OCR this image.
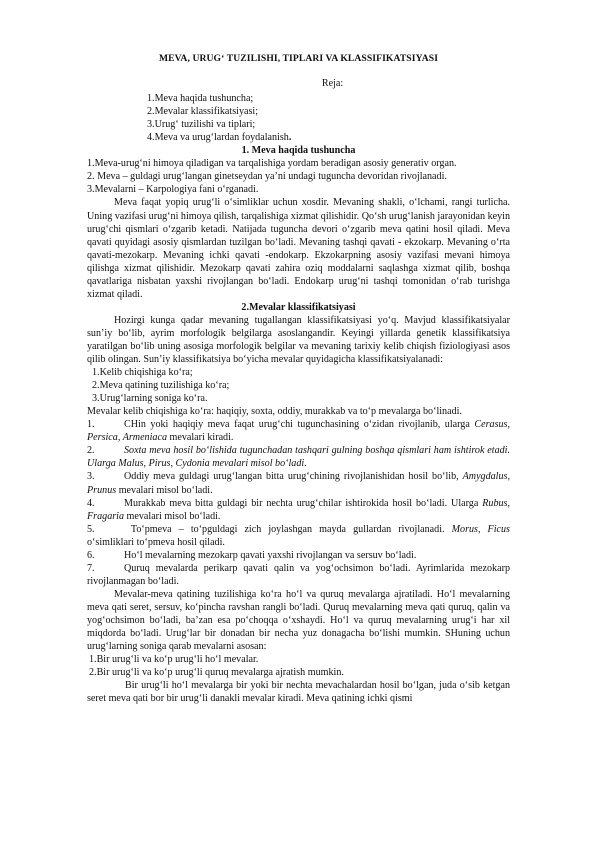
MEVA, URUG‘ TUZILISHI, TIPLARI VA KLASSIFIKATSIYASI
Reja:
1.Meva haqida tushuncha;
2.Mevalar klassifikatsiyasi;
3.Urug‘ tuzilishi va tiplari;
4.Meva va urug‘lardan foydalanish.
1. Meva haqida tushuncha
1.Meva-urug‘ni himoya qiladigan va tarqalishiga yordam beradigan asosiy generativ organ.
2. Meva – guldagi urug‘langan ginetseydan ya’ni undagi tuguncha devoridan rivojlanadi.
3.Mevalarni – Karpologiya fani o‘rganadi.
Meva faqat yopiq urug‘li o‘simliklar uchun xosdir. Mevaning shakli, o‘lchami, rangi turlicha. Uning vazifasi urug‘ni himoya qilish, tarqalishiga xizmat qilishidir. Qo‘sh urug‘lanish jarayonidan keyin urug‘chi qismlari o‘zgarib ketadi. Natijada tuguncha devori o‘zgarib meva qatini hosil qiladi. Meva qavati quyidagi asosiy qismlardan tuzilgan bo‘ladi. Mevaning tashqi qavati - ekzokarp. Mevaning o‘rta qavati-mezokarp. Mevaning ichki qavati -endokarp. Ekzokarpning asosiy vazifasi mevani himoya qilishga xizmat qilishidir. Mezokarp qavati zahira oziq moddalarni saqlashga xizmat qilib, boshqa qavatlariga nisbatan yaxshi rivojlangan bo‘ladi. Endokarp urug‘ni tashqi tomonidan o‘rab turishga xizmat qiladi.
2.Mevalar klassifikatsiyasi
Hozirgi kunga qadar mevaning tugallangan klassifikatsiyasi yo‘q. Mavjud klassifikatsiyalar sun’iy bo‘lib, ayrim morfologik belgilarga asoslangandir. Keyingi yillarda genetik klassifikatsiya yaratilgan bo‘lib uning asosiga morfologik belgilar va mevaning tarixiy kelib chiqish fiziologiyasi asos qilib olingan. Sun’iy klassifikatsiya bo‘yicha mevalar quyidagicha klassifikatsiyalanadi:
1.Kelib chiqishiga ko‘ra;
2.Meva qatining tuzilishiga ko‘ra;
3.Urug‘larning soniga ko‘ra.
Mevalar kelib chiqishiga ko‘ra: haqiqiy, soxta, oddiy, murakkab va to‘p mevalarga bo‘linadi.
1.	CHin yoki haqiqiy meva faqat urug‘chi tugunchasining o‘zidan rivojlanib, ularga Cerasus, Persica, Armeniaca mevalari kiradi.
2.	Soxta meva hosil bo‘lishida tugunchadan tashqari gulning boshqa qismlari ham ishtirok etadi. Ularga Malus, Pirus, Cydonia mevalari misol bo‘ladi.
3.	Oddiy meva guldagi urug‘langan bitta urug‘chining rivojlanishidan hosil bo‘lib, Amygdalus, Prunus mevalari misol bo‘ladi.
4.	Murakkab meva bitta guldagi bir nechta urug‘chilar ishtirokida hosil bo‘ladi. Ularga Rubus, Fragaria mevalari misol bo‘ladi.
5.	To‘pmeva – to‘pguldagi zich joylashgan mayda gullardan rivojlanadi. Morus, Ficus o‘simliklari to‘pmeva hosil qiladi.
6.	Ho‘l mevalarning mezokarp qavati yaxshi rivojlangan va sersuv bo‘ladi.
7.	Quruq mevalarda perikarp qavati qalin va yog‘ochsimon bo‘ladi. Ayrimlarida mezokarp rivojlanmagan bo‘ladi.
Mevalar-meva qatining tuzilishiga ko‘ra ho‘l va quruq mevalarga ajratiladi. Ho‘l mevalarning meva qati seret, sersuv, ko‘pincha ravshan rangli bo‘ladi. Quruq mevalarning meva qati quruq, qalin va yog‘ochsimon bo‘ladi, ba’zan esa po‘choqqa o‘xshaydi. Ho‘l va quruq mevalarning urug‘i har xil miqdorda bo‘ladi. Urug‘lar bir donadan bir necha yuz donagacha bo‘lishi mumkin. SHuning uchun urug‘larning soniga qarab mevalarni asosan:
1.Bir urug‘li va ko‘p urug‘li ho‘l mevalar.
2.Bir urug‘li va ko‘p urug‘li quruq mevalarga ajratish mumkin.
Bir urug‘li ho‘l mevalarga bir yoki bir nechta mevachalardan hosil bo‘lgan, juda o‘sib ketgan seret meva qati bor bir urug‘li danakli mevalar kiradi. Meva qatining ichki qismi
